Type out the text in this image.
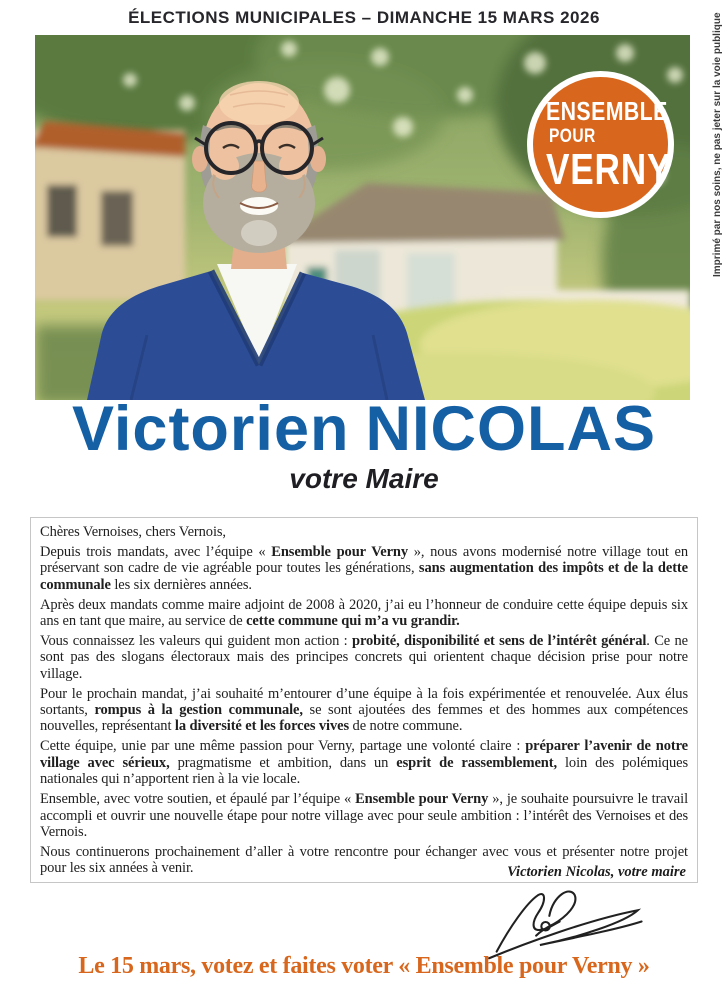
ÉLECTIONS MUNICIPALES – DIMANCHE 15 MARS 2026
ENSEMBLE
POUR
VERNY	Imprimé par nos soins, ne pas jeter sur la voie publique
Victorien NICOLAS
votre Maire

Chères Vernoises, chers Vernois,

Depuis trois mandats, avec l’équipe « Ensemble pour Verny », nous avons modernisé notre village tout en préservant son cadre de vie agréable pour toutes les générations, sans augmentation des impôts et de la dette communale les six dernières années.

Après deux mandats comme maire adjoint de 2008 à 2020, j’ai eu l’honneur de conduire cette équipe depuis six ans en tant que maire, au service de cette commune qui m’a vu grandir.

Vous connaissez les valeurs qui guident mon action : probité, disponibilité et sens de l’intérêt général. Ce ne sont pas des slogans électoraux mais des principes concrets qui orientent chaque décision prise pour notre village.

Pour le prochain mandat, j’ai souhaité m’entourer d’une équipe à la fois expérimentée et renouvelée. Aux élus sortants, rompus à la gestion communale, se sont ajoutées des femmes et des hommes aux compétences nouvelles, représentant la diversité et les forces vives de notre commune.

Cette équipe, unie par une même passion pour Verny, partage une volonté claire : préparer l’avenir de notre village avec sérieux, pragmatisme et ambition, dans un esprit de rassemblement, loin des polémiques nationales qui n’apportent rien à la vie locale.

Ensemble, avec votre soutien, et épaulé par l’équipe « Ensemble pour Verny », je souhaite poursuivre le travail accompli et ouvrir une nouvelle étape pour notre village avec pour seule ambition : l’intérêt des Vernoises et des Vernois.

Nous continuerons prochainement d’aller à votre rencontre pour échanger avec vous et présenter notre projet pour les six années à venir.	Victorien Nicolas, votre maire
Le 15 mars, votez et faites voter « Ensemble pour Verny »
